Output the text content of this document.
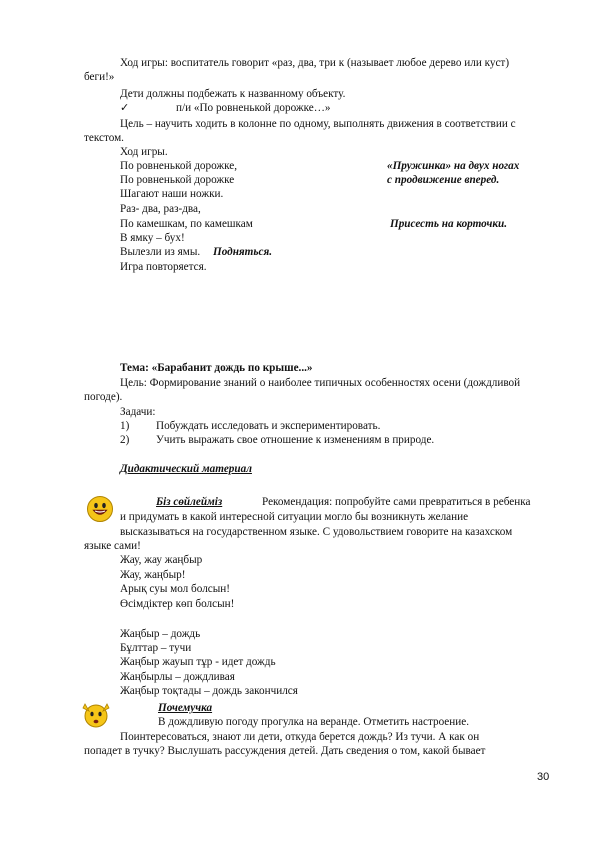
Ход игры: воспитатель говорит «раз, два, три к (называет любое дерево или куст)
беги!»
Дети должны подбежать к названному объекту.
✓	п/и «По ровненькой дорожке…»
Цель – научить ходить в колонне по одному, выполнять движения в соответствии с
текстом.
Ход игры.
По ровненькой дорожке,	«Пружинка» на двух ногах
По ровненькой дорожке	с продвижение вперед.
Шагают наши ножки.
Раз- два, раз-два,
По камешкам, по камешкам	Присесть на корточки.
В ямку – бух!
Вылезли из ямы. Подняться.
Игра повторяется.
Тема: «Барабанит дождь по крыше...»
Цель: Формирование знаний о наиболее типичных особенностях осени (дождливой
погоде).
Задачи:
1) Побуждать исследовать и экспериментировать.
2) Учить выражать свое отношение к изменениям в природе.
Дидактический материал
Біз сөйлейміз	Рекомендация: попробуйте сами превратиться в ребенка
и придумать в какой интересной ситуации могло бы возникнуть желание
высказываться на государственном языке. С удовольствием говорите на казахском
языке сами!
Жау, жау жаңбыр
Жау, жаңбыр!
Арық суы мол болсын!
Өсімдіктер көп болсын!
Жаңбыр – дождь
Бұлттар – тучи
Жаңбыр жауып тұр - идет дождь
Жаңбырлы – дождливая
Жаңбыр тоқтады – дождь закончился
Почемучка
В дождливую погоду прогулка на веранде. Отметить настроение.
Поинтересоваться, знают ли дети, откуда берется дождь? Из тучи. А как он
попадет в тучку? Выслушать рассуждения детей. Дать сведения о том, какой бывает
30
